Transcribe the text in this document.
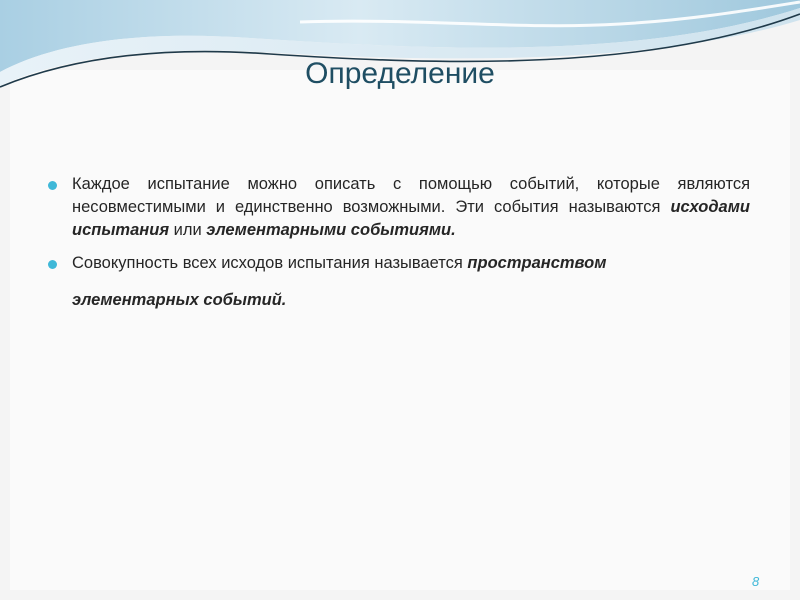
Определение
Каждое испытание можно описать с помощью событий, которые являются несовместимыми и единственно возможными. Эти события называются исходами испытания или элементарными событиями.
Совокупность всех исходов испытания называется пространством
элементарных событий.
8
